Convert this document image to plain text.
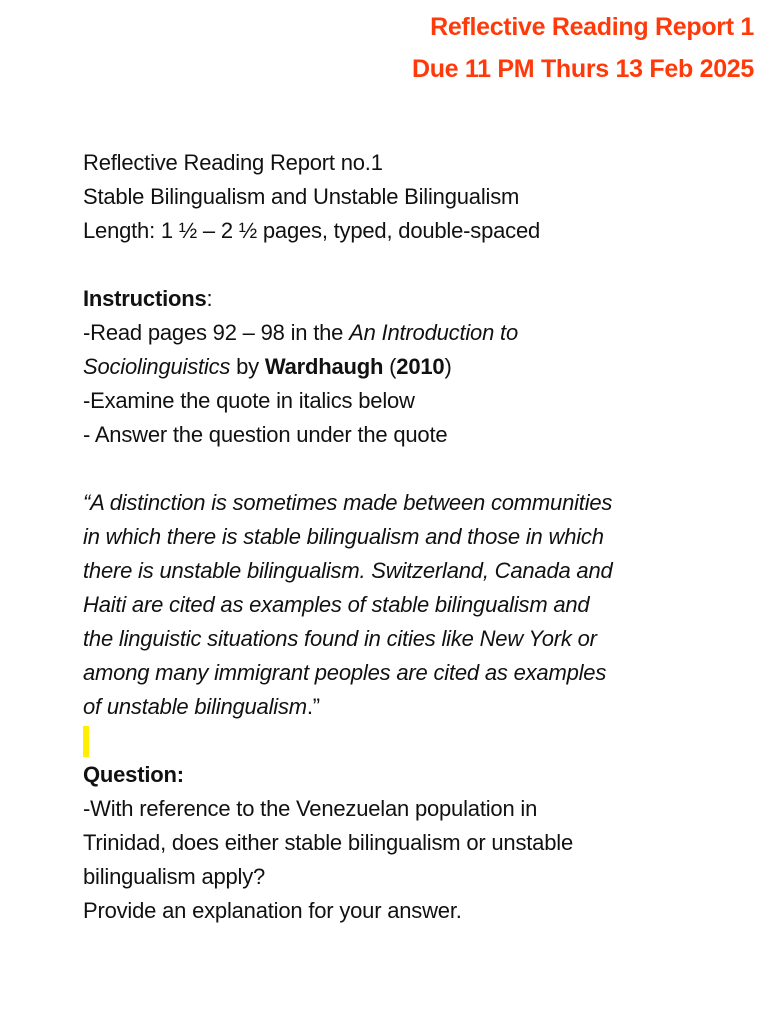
Reflective Reading Report 1
Due 11 PM Thurs 13 Feb 2025
Reflective Reading Report no.1
Stable Bilingualism and Unstable Bilingualism
Length: 1 ½ – 2 ½ pages, typed, double-spaced
Instructions:
-Read pages 92 – 98 in the An Introduction to
Sociolinguistics by Wardhaugh (2010)
-Examine the quote in italics below
- Answer the question under the quote
“A distinction is sometimes made between communities
in which there is stable bilingualism and those in which
there is unstable bilingualism. Switzerland, Canada and
Haiti are cited as examples of stable bilingualism and
the linguistic situations found in cities like New York or
among many immigrant peoples are cited as examples
of unstable bilingualism.”
Question:
-With reference to the Venezuelan population in
Trinidad, does either stable bilingualism or unstable
bilingualism apply?
Provide an explanation for your answer.
